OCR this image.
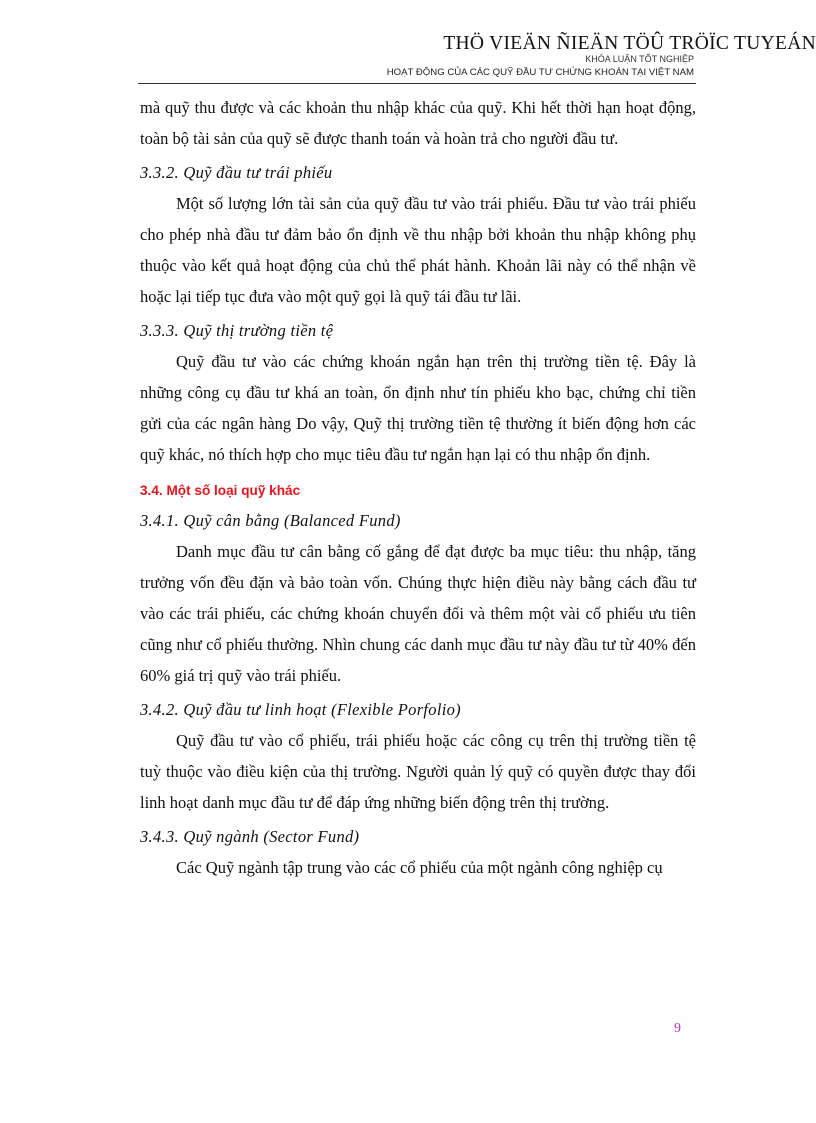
THÖ VIEÄN ÑIEÄN TÖÛ TRÖÏC TUYEÁN
KHÓA LUẬN TỐT NGHIỆP
HOẠT ĐỘNG CỦA CÁC QUỸ ĐẦU TƯ CHỨNG KHOÁN TẠI VIỆT NAM

mà quỹ thu được và các khoản thu nhập khác của quỹ. Khi hết thời hạn hoạt động, toàn bộ tài sản của quỹ sẽ được thanh toán và hoàn trả cho người đầu tư.

3.3.2. Quỹ đầu tư trái phiếu

Một số lượng lớn tài sản của quỹ đầu tư vào trái phiếu. Đầu tư vào trái phiếu cho phép nhà đầu tư đảm bảo ổn định về thu nhập bởi khoản thu nhập không phụ thuộc vào kết quả hoạt động của chủ thể phát hành. Khoản lãi này có thể nhận về hoặc lại tiếp tục đưa vào một quỹ gọi là quỹ tái đầu tư lãi.

3.3.3. Quỹ thị trường tiền tệ

Quỹ đầu tư vào các chứng khoán ngắn hạn trên thị trường tiền tệ. Đây là những công cụ đầu tư khá an toàn, ổn định như tín phiếu kho bạc, chứng chỉ tiền gửi của các ngân hàng Do vậy, Quỹ thị trường tiền tệ thường ít biến động hơn các quỹ khác, nó thích hợp cho mục tiêu đầu tư ngắn hạn lại có thu nhập ổn định.

3.4. Một số loại quỹ khác

3.4.1. Quỹ cân bằng (Balanced Fund)

Danh mục đầu tư cân bằng cố gắng để đạt được ba mục tiêu: thu nhập, tăng trưởng vốn đều đặn và bảo toàn vốn. Chúng thực hiện điều này bằng cách đầu tư vào các trái phiếu, các chứng khoán chuyển đổi và thêm một vài cổ phiếu ưu tiên cũng như cổ phiếu thường. Nhìn chung các danh mục đầu tư này đầu tư từ 40% đến 60% giá trị quỹ vào trái phiếu.

3.4.2. Quỹ đầu tư linh hoạt (Flexible Porfolio)

Quỹ đầu tư vào cổ phiếu, trái phiếu hoặc các công cụ trên thị trường tiền tệ tuỳ thuộc vào điều kiện của thị trường. Người quản lý quỹ có quyền được thay đổi linh hoạt danh mục đầu tư để đáp ứng những biến động trên thị trường.

3.4.3. Quỹ ngành (Sector Fund)

Các Quỹ ngành tập trung vào các cổ phiếu của một ngành công nghiệp cụ

9
